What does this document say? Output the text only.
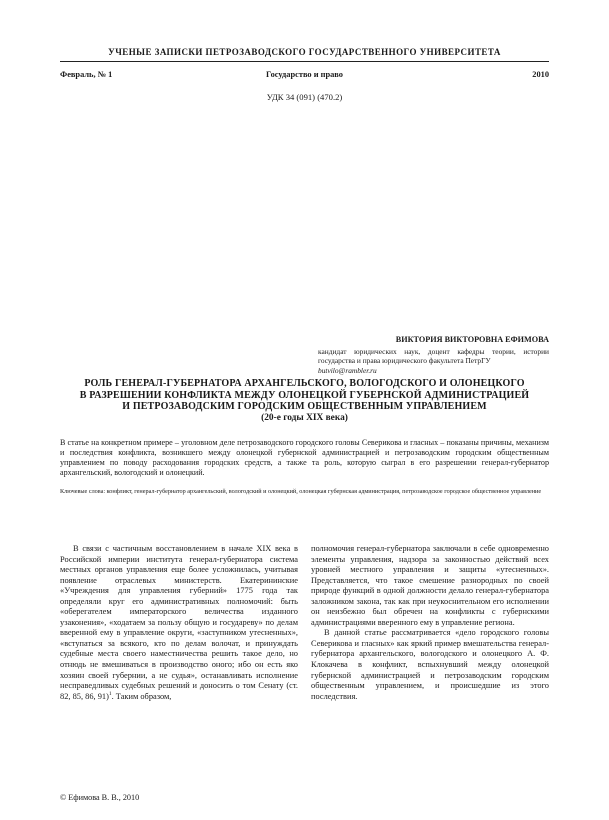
УЧЕНЫЕ ЗАПИСКИ ПЕТРОЗАВОДСКОГО ГОСУДАРСТВЕННОГО УНИВЕРСИТЕТА
Февраль, № 1	Государство и право	2010
УДК 34 (091) (470.2)
ВИКТОРИЯ ВИКТОРОВНА ЕФИМОВА
кандидат юридических наук, доцент кафедры теории, истории государства и права юридического факультета ПетрГУ
butvilo@rambler.ru
РОЛЬ ГЕНЕРАЛ-ГУБЕРНАТОРА АРХАНГЕЛЬСКОГО, ВОЛОГОДСКОГО И ОЛОНЕЦКОГО
В РАЗРЕШЕНИИ КОНФЛИКТА МЕЖДУ ОЛОНЕЦКОЙ ГУБЕРНСКОЙ АДМИНИСТРАЦИЕЙ
И ПЕТРОЗАВОДСКИМ ГОРОДСКИМ ОБЩЕСТВЕННЫМ УПРАВЛЕНИЕМ
(20-е годы XIX века)
В статье на конкретном примере – уголовном деле петрозаводского городского головы Северикова и гласных – показаны причины, механизм и последствия конфликта, возникшего между олонецкой губернской администрацией и петрозаводским городским общественным управлением по поводу расходования городских средств, а также та роль, которую сыграл в его разрешении генерал-губернатор архангельский, вологодский и олонецкий.
Ключевые слова: конфликт, генерал-губернатор архангельский, вологодский и олонецкий, олонецкая губернская администрация, петрозаводское городское общественное управление

В связи с частичным восстановлением в начале XIX века в Российской империи института генерал-губернатора система местных органов управления еще более усложнилась, учитывая появление отраслевых министерств. Екатерининские «Учреждения для управления губерний» 1775 года так определяли круг его административных полномочий: быть «оберегателем императорского величества изданного узаконения», «ходатаем за пользу общую и государеву» по делам вверенной ему в управление округи, «заступником утесненных», «вступаться за всякого, кто по делам волочат, и принуждать судебные места своего наместничества решить такое дело, но отнюдь не вмешиваться в производство оного; ибо он есть яко хозяин своей губернии, а не судья», останавливать исполнение несправедливых судебных решений и доносить о том Сенату (ст. 82, 85, 86, 91)$^1$. Таким образом,

полномочия генерал-губернатора заключали в себе одновременно элементы управления, надзора за законностью действий всех уровней местного управления и защиты «утесненных». Представляется, что такое смешение разнородных по своей природе функций в одной должности делало генерал-губернатора заложником закона, так как при неукоснительном его исполнении он неизбежно был обречен на конфликты с губернскими администрациями вверенного ему в управление региона.

В данной статье рассматривается «дело городского головы Северикова и гласных» как яркий пример вмешательства генерал-губернатора архангельского, вологодского и олонецкого А. Ф. Клокачева в конфликт, вспыхнувший между олонецкой губернской администрацией и петрозаводским городским общественным управлением, и происшедшие из этого последствия.

© Ефимова В. В., 2010
